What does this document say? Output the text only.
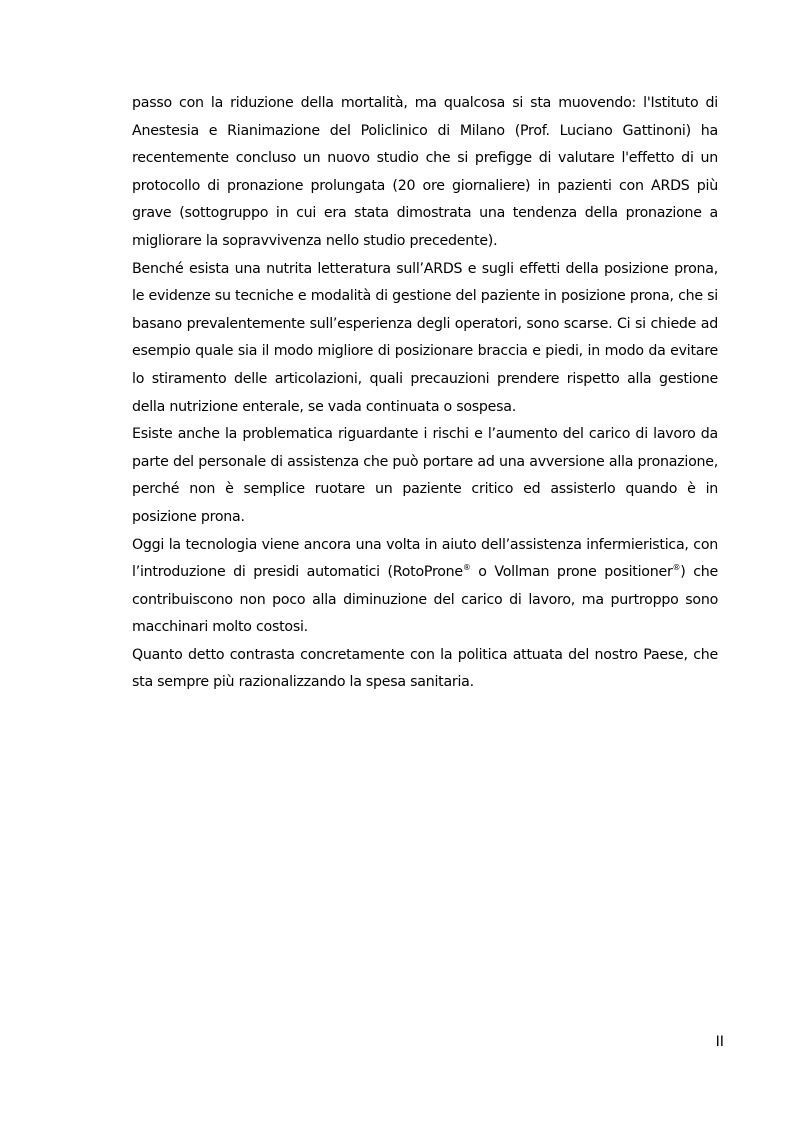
passo con la riduzione della mortalità, ma qualcosa si sta muovendo: l'Istituto di Anestesia e Rianimazione del Policlinico di Milano (Prof. Luciano Gattinoni) ha recentemente concluso un nuovo studio che si prefigge di valutare l'effetto di un protocollo di pronazione prolungata (20 ore giornaliere) in pazienti con ARDS più grave (sottogruppo in cui era stata dimostrata una tendenza della pronazione a migliorare la sopravvivenza nello studio precedente).

Benché esista una nutrita letteratura sull’ARDS e sugli effetti della posizione prona, le evidenze su tecniche e modalità di gestione del paziente in posizione prona, che si basano prevalentemente sull’esperienza degli operatori, sono scarse. Ci si chiede ad esempio quale sia il modo migliore di posizionare braccia e piedi, in modo da evitare lo stiramento delle articolazioni, quali precauzioni prendere rispetto alla gestione della nutrizione enterale, se vada continuata o sospesa.

Esiste anche la problematica riguardante i rischi e l’aumento del carico di lavoro da parte del personale di assistenza che può portare ad una avversione alla pronazione, perché non è semplice ruotare un paziente critico ed assisterlo quando è in posizione prona.

Oggi la tecnologia viene ancora una volta in aiuto dell’assistenza infermieristica, con l’introduzione di presidi automatici (RotoProne® o Vollman prone positioner®) che contribuiscono non poco alla diminuzione del carico di lavoro, ma purtroppo sono macchinari molto costosi.

Quanto detto contrasta concretamente con la politica attuata del nostro Paese, che sta sempre più razionalizzando la spesa sanitaria.

II
